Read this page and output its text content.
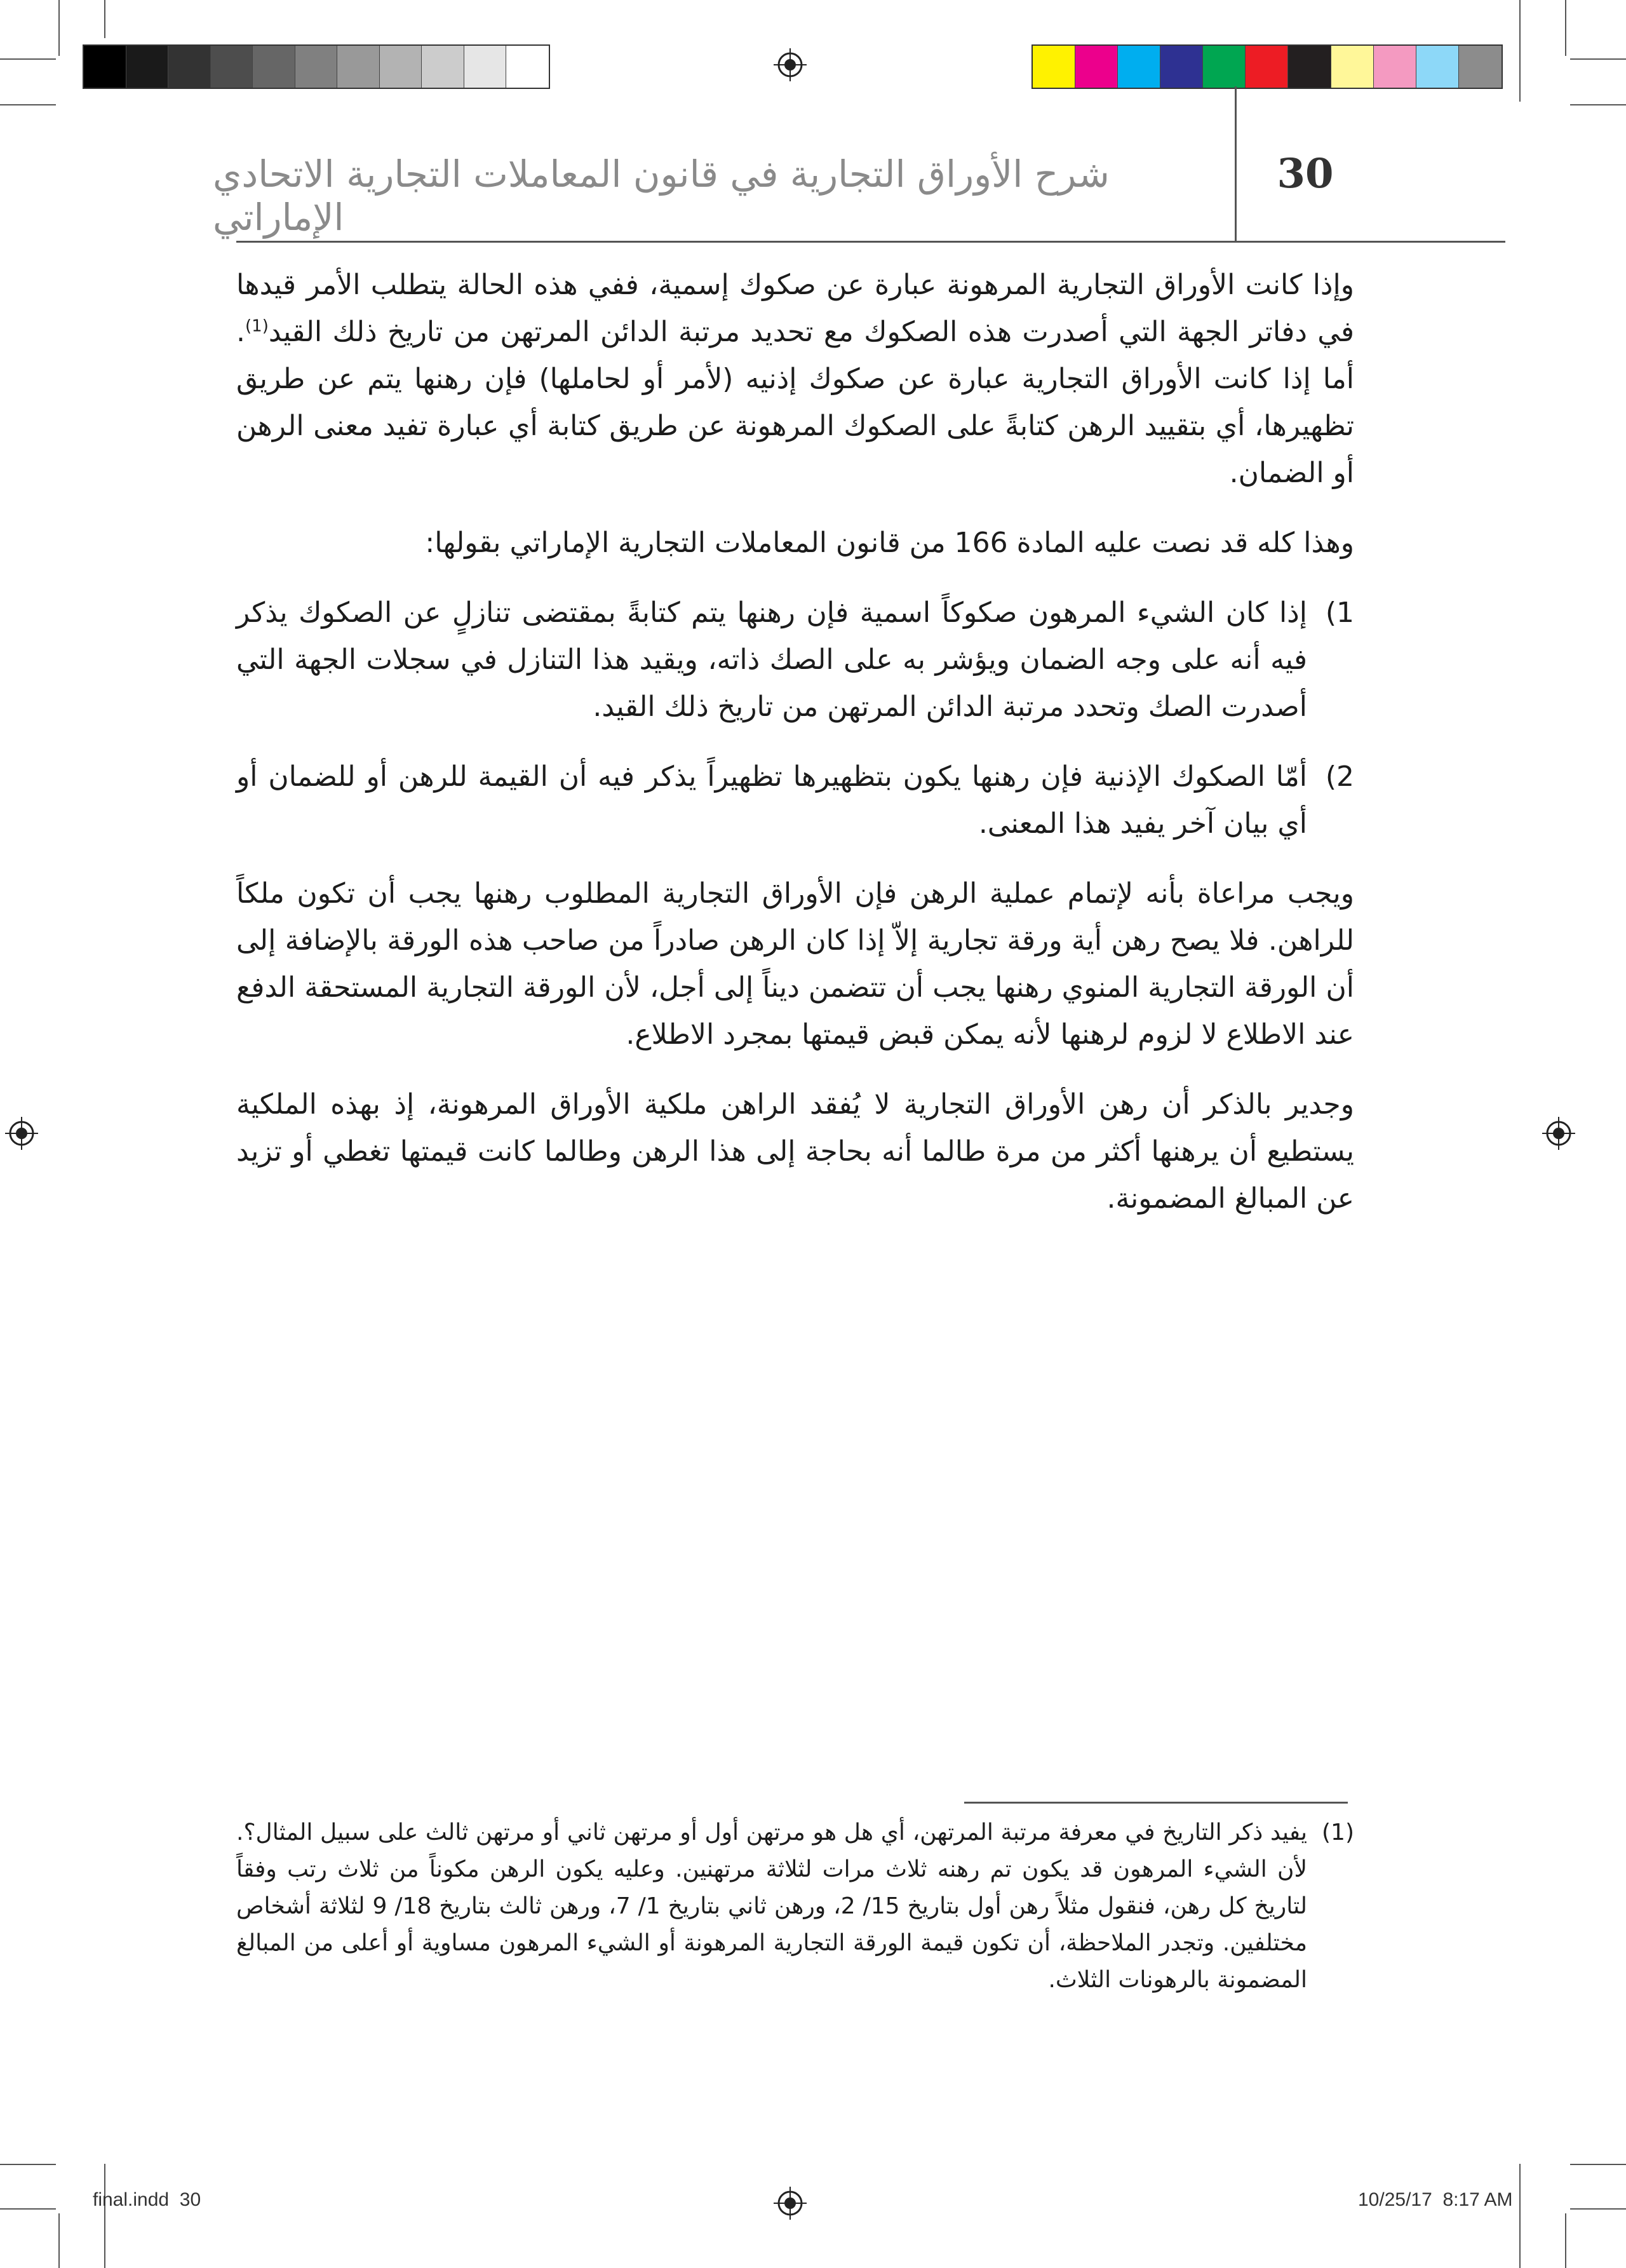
30
شرح الأوراق التجارية في قانون المعاملات التجارية الاتحادي الإماراتي

وإذا كانت الأوراق التجارية المرهونة عبارة عن صكوك إسمية، ففي هذه الحالة يتطلب الأمر قيدها في دفاتر الجهة التي أصدرت هذه الصكوك مع تحديد مرتبة الدائن المرتهن من تاريخ ذلك القيد$^{(1)}$. أما إذا كانت الأوراق التجارية عبارة عن صكوك إذنيه (لأمر أو لحاملها) فإن رهنها يتم عن طريق تظهيرها، أي بتقييد الرهن كتابةً على الصكوك المرهونة عن طريق كتابة أي عبارة تفيد معنى الرهن أو الضمان.

وهذا كله قد نصت عليه المادة 166 من قانون المعاملات التجارية الإماراتي بقولها:

1)
إذا كان الشيء المرهون صكوكاً اسمية فإن رهنها يتم كتابةً بمقتضى تنازلٍ عن الصكوك يذكر فيه أنه على وجه الضمان ويؤشر به على الصك ذاته، ويقيد هذا التنازل في سجلات الجهة التي أصدرت الصك وتحدد مرتبة الدائن المرتهن من تاريخ ذلك القيد.
2)
أمّا الصكوك الإذنية فإن رهنها يكون بتظهيرها تظهيراً يذكر فيه أن القيمة للرهن أو للضمان أو أي بيان آخر يفيد هذا المعنى.

ويجب مراعاة بأنه لإتمام عملية الرهن فإن الأوراق التجارية المطلوب رهنها يجب أن تكون ملكاً للراهن. فلا يصح رهن أية ورقة تجارية إلاّ إذا كان الرهن صادراً من صاحب هذه الورقة بالإضافة إلى أن الورقة التجارية المنوي رهنها يجب أن تتضمن ديناً إلى أجل، لأن الورقة التجارية المستحقة الدفع عند الاطلاع لا لزوم لرهنها لأنه يمكن قبض قيمتها بمجرد الاطلاع.

وجدير بالذكر أن رهن الأوراق التجارية لا يُفقد الراهن ملكية الأوراق المرهونة، إذ بهذه الملكية يستطيع أن يرهنها أكثر من مرة طالما أنه بحاجة إلى هذا الرهن وطالما كانت قيمتها تغطي أو تزيد عن المبالغ المضمونة.

(1)
يفيد ذكر التاريخ في معرفة مرتبة المرتهن، أي هل هو مرتهن أول أو مرتهن ثاني أو مرتهن ثالث على سبيل المثال؟. لأن الشيء المرهون قد يكون تم رهنه ثلاث مرات لثلاثة مرتهنين. وعليه يكون الرهن مكوناً من ثلاث رتب وفقاً لتاريخ كل رهن، فنقول مثلاً رهن أول بتاريخ 15/ 2، ورهن ثاني بتاريخ 1/ 7، ورهن ثالث بتاريخ 18/ 9 لثلاثة أشخاص مختلفين. وتجدر الملاحظة، أن تكون قيمة الورقة التجارية المرهونة أو الشيء المرهون مساوية أو أعلى من المبالغ المضمونة بالرهونات الثلاث.
final.indd 30	10/25/17 8:17 AM
